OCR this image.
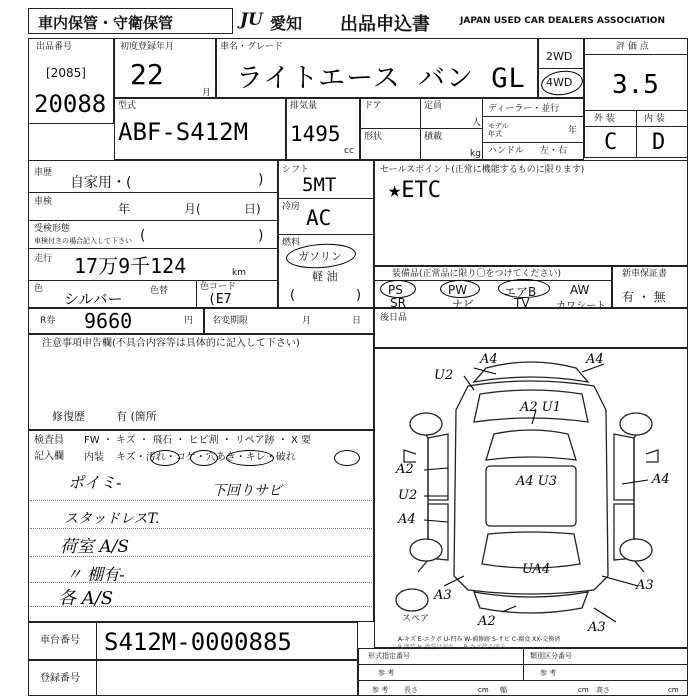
車内保管・守衛保管	JU 愛知 出品申込書	JAPAN USED CAR DEALERS ASSOCIATION
出品番号
[2085]
20088
初度登録年月
22
月
車名・グレード
ライトエース バン GL
2WD
4WD
評 価 点
3.5
外 装	内 装
C D
型式
ABF-S412M
排気量
1495
cc
ドア	定員
人
形状	積載
kg
ディーラー・並行
モデル年式	年
ハンドル 左・右
車歴
自家用・(	)
車検	年	月(	日)
受検形態
車検付きの場合記入して下さい (	)
走行 17万9千124	km
色
シルバー	色替	色コード
(E7
シフト
5MT
冷房 AC
燃料
ガソリン
軽 油
(	)
セールスポイント(正常に機能するものに限ります)
★ETC
装備品(正常品に限り〇をつけてください)
PS	PW	エアB	AW
SR	ナビ	TV	カワシート
新車保証書
有 ・ 無
R券 9660	円 名変期限	月	日 後日品
注意事項申告欄(不具合内容等は具体的に記入して下さい)
修復歴	有 (箇所
検査員
記入欄
FW ・ キズ ・ 飛石 ・ ヒビ割 ・ リペア跡 ・ X 要
内装 キズ・汚れ・コゲ・穴あき・キレ・破れ
ポイミ-	下回りサビ
スタッドレスT.
荷室 A/S
〃 棚有-
各 A/S
A4	A4
U2
A2 U1
A2
U2
A4
A4 U3	A4
UA4
A3
A3
A2	A3
スペア
A-キズ E-エクボ U-凹み W-補修跡 S-サビ C-腐食 XX-交換済
P-塗装 H-塗装はがれ ... B-キズ伴う凹み ...
車台番号 S412M-0000885
登録番号
形式指定番号	類別区分番号
参 考	参 考
参 考 長さ	cm 幅	cm 高さ	cm
